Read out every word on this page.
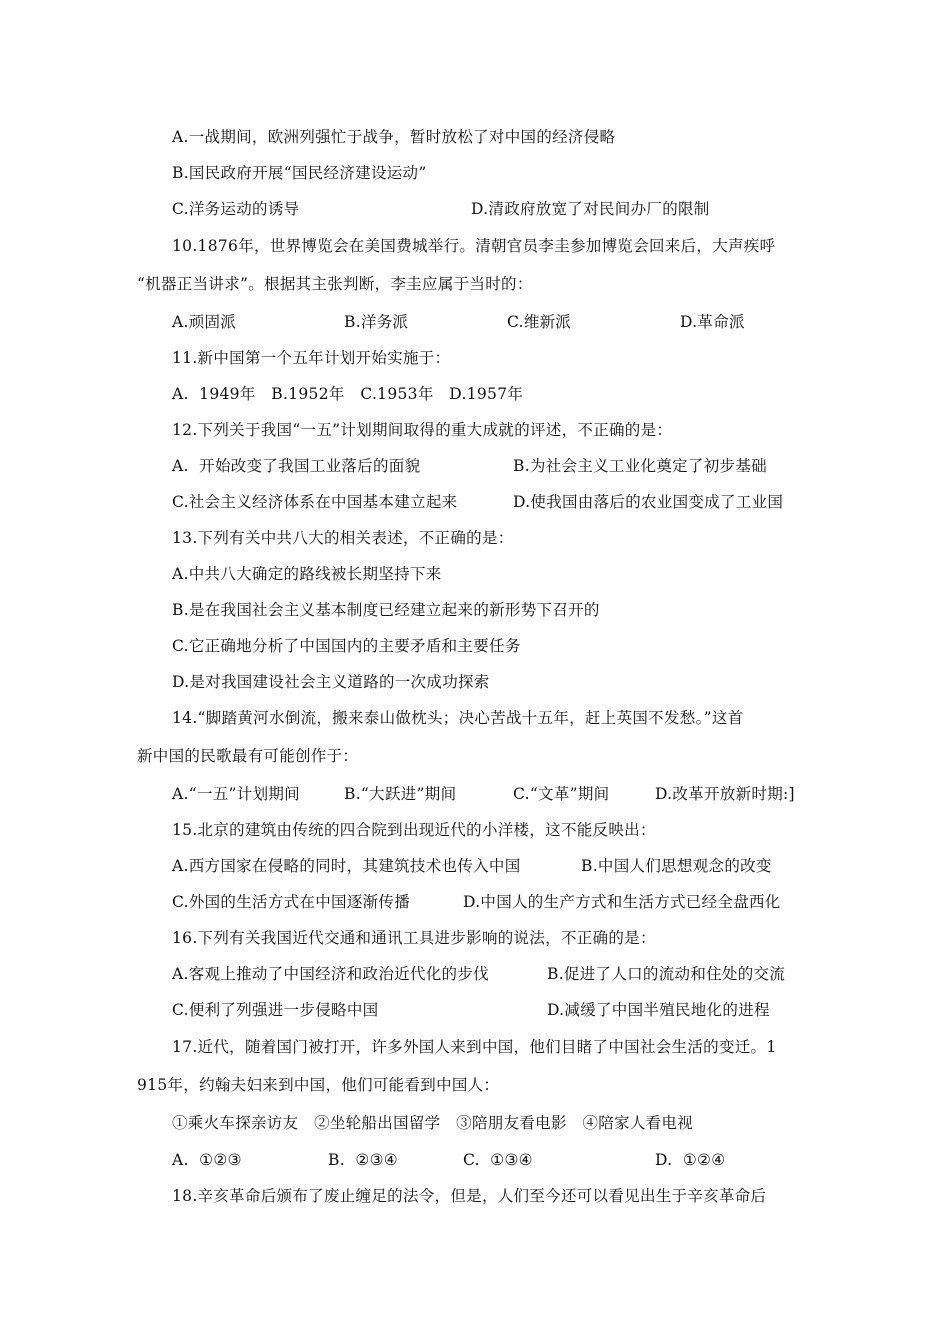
A.一战期间，欧洲列强忙于战争，暂时放松了对中国的经济侵略
B.国民政府开展“国民经济建设运动”
C.洋务运动的诱导	D.清政府放宽了对民间办厂的限制
10.1876年，世界博览会在美国费城举行。清朝官员李圭参加博览会回来后，大声疾呼
“机器正当讲求”。根据其主张判断，李圭应属于当时的：
A.顽固派	B.洋务派	C.维新派	D.革命派
11.新中国第一个五年计划开始实施于：
A.  1949年   B.1952年   C.1953年   D.1957年
12.下列关于我国“一五”计划期间取得的重大成就的评述，不正确的是：
A.  开始改变了我国工业落后的面貌	B.为社会主义工业化奠定了初步基础
C.社会主义经济体系在中国基本建立起来	D.使我国由落后的农业国变成了工业国
13.下列有关中共八大的相关表述，不正确的是：
A.中共八大确定的路线被长期坚持下来
B.是在我国社会主义基本制度已经建立起来的新形势下召开的
C.它正确地分析了中国国内的主要矛盾和主要任务
D.是对我国建设社会主义道路的一次成功探索
14.“脚踏黄河水倒流，搬来泰山做枕头；决心苦战十五年，赶上英国不发愁。”这首
新中国的民歌最有可能创作于：
A.“一五”计划期间	B.“大跃进”期间	C.“文革”期间	D.改革开放新时期:]
15.北京的建筑由传统的四合院到出现近代的小洋楼，这不能反映出：
A.西方国家在侵略的同时，其建筑技术也传入中国	B.中国人们思想观念的改变
C.外国的生活方式在中国逐渐传播	D.中国人的生产方式和生活方式已经全盘西化
16.下列有关我国近代交通和通讯工具进步影响的说法，不正确的是：
A.客观上推动了中国经济和政治近代化的步伐	B.促进了人口的流动和住处的交流
C.便利了列强进一步侵略中国	D.减缓了中国半殖民地化的进程
17.近代，随着国门被打开，许多外国人来到中国，他们目睹了中国社会生活的变迁。1
915年，约翰夫妇来到中国，他们可能看到中国人：
①乘火车探亲访友   ②坐轮船出国留学   ③陪朋友看电影   ④陪家人看电视
A.  ①②③	B.  ②③④	C.  ①③④	D.  ①②④
18.辛亥革命后颁布了废止缠足的法令，但是，人们至今还可以看见出生于辛亥革命后
